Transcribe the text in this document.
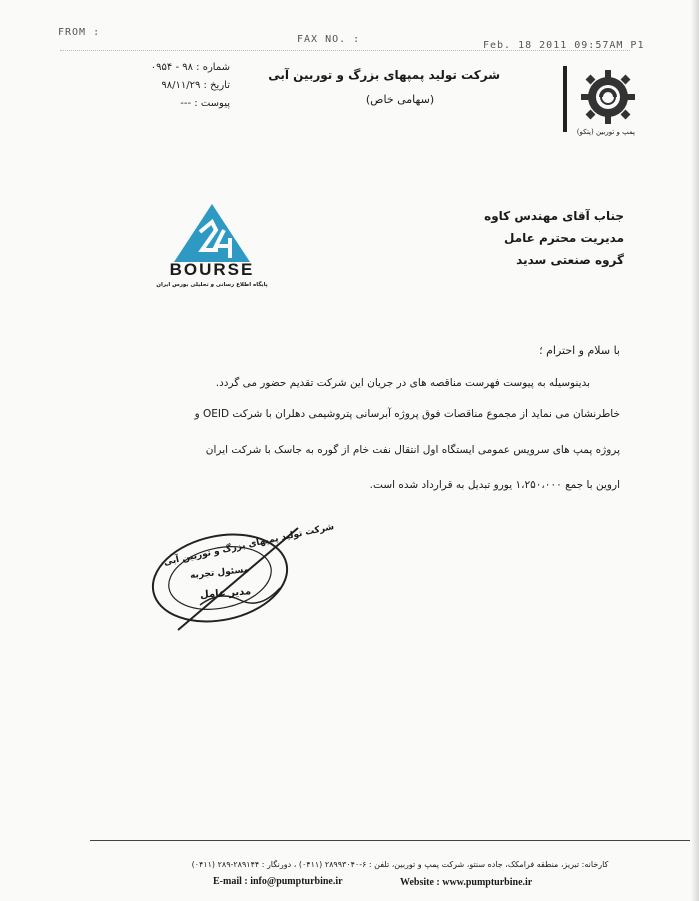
FROM :
FAX NO. :
Feb. 18 2011 09:57AM P1
پمپ و توربین (پتکو)
شرکت تولید پمپهای بزرگ و توربین آبی
(سهامی خاص)
شماره : ۹۸ - ۰۹۵۴
تاریخ : ۹۸/۱۱/۲۹
پیوست : ---
BOURSE
پایگاه اطلاع رسانی و تحلیلی بورس ایران
جناب آقای مهندس کاوه
مدیریت محترم عامل
گروه صنعتی سدید
با سلام و احترام ؛
بدینوسیله به پیوست فهرست مناقصه های در جریان این شرکت تقدیم حضور می گردد.
خاطرنشان می نماید از مجموع مناقصات فوق پروژه آبرسانی پتروشیمی دهلران با شرکت OEID و
پروژه پمپ های سرویس عمومی ایستگاه اول انتقال نفت خام از گوره به جاسک با شرکت ایران
اروین با جمع ۱،۲۵۰،۰۰۰ یورو تبدیل به قرارداد شده است.
شرکت تولید پمپهای بزرگ و توربین آبی
مسئول تجربه
مدیر عامل
کارخانه: تبریز، منطقه فرامکک، جاده سنتو، شرکت پمپ و توربین، تلفن : ۶-۲۸۹۹۳۰۴۰ (۰۴۱۱) ، دورنگار : ۲۸۹۱۴۴-۲۸۹ (۰۴۱۱)
E-mail : info@pumpturbine.ir	Website : www.pumpturbine.ir
